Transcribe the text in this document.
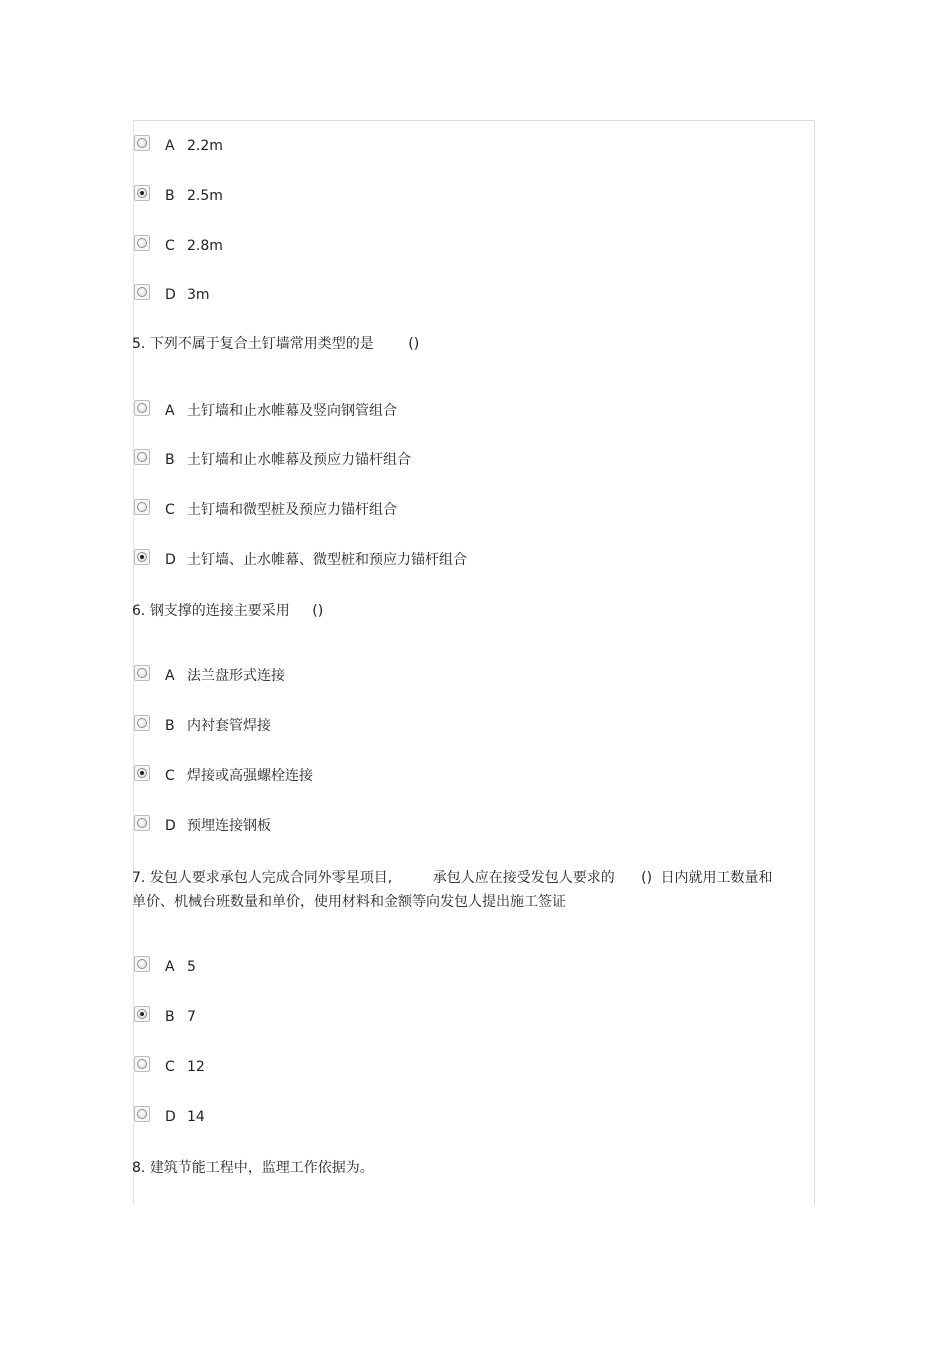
A 2.2m
B 2.5m
C 2.8m
D 3m
5. 下列不属于复合土钉墙常用类型的是 ()
A 土钉墙和止水帷幕及竖向钢管组合
B 土钉墙和止水帷幕及预应力锚杆组合
C 土钉墙和微型桩及预应力锚杆组合
D 土钉墙、止水帷幕、微型桩和预应力锚杆组合
6. 钢支撑的连接主要采用 ()
A 法兰盘形式连接
B 内衬套管焊接
C 焊接或高强螺栓连接
D 预埋连接钢板
7. 发包人要求承包人完成合同外零星项目,	承包人应在接受发包人要求的 () 日内就用工数量和
单价、机械台班数量和单价，使用材料和金额等向发包人提出施工签证
A 5
B 7
C 12
D 14
8. 建筑节能工程中，监理工作依据为。
